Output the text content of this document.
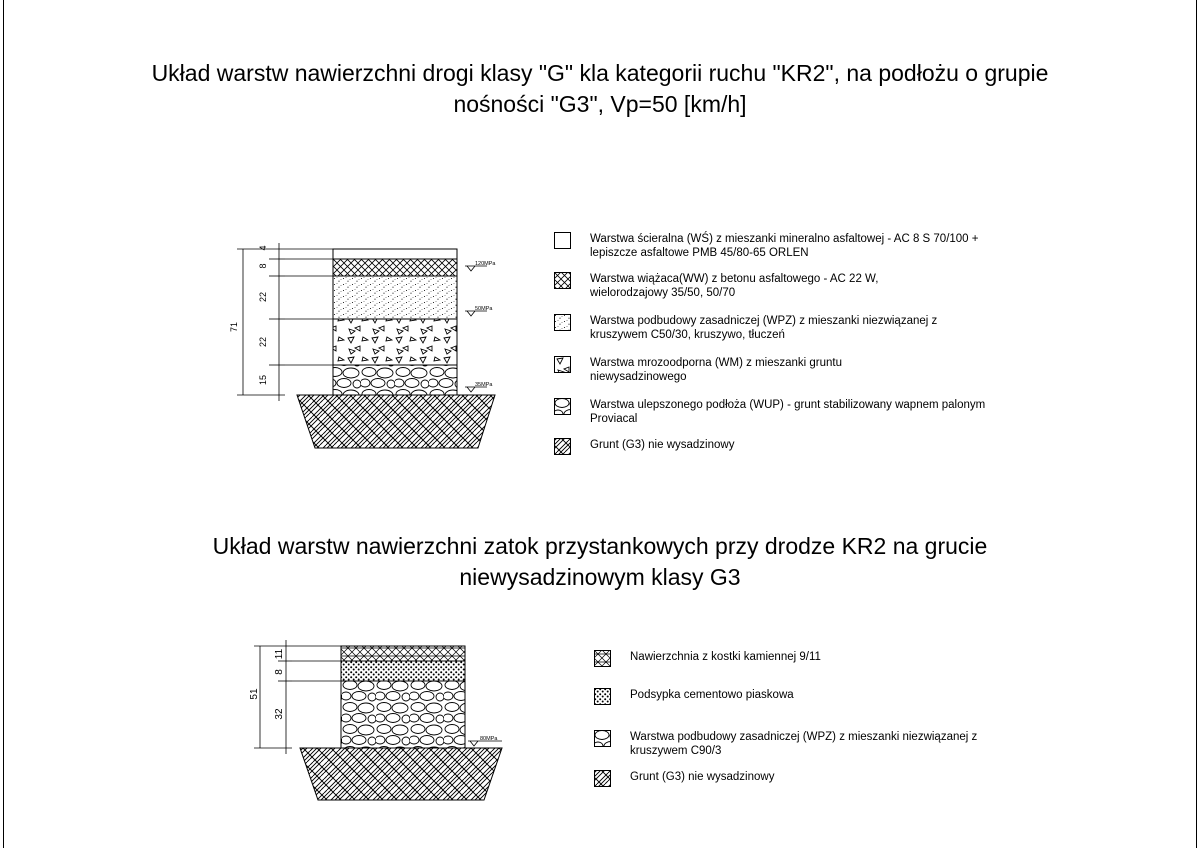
Układ warstw nawierzchni drogi klasy "G" kla kategorii ruchu "KR2", na podłożu o grupie
nośności "G3", Vp=50 [km/h]
71
4
8
22
22
15
120MPa
50MPa
35MPa
Warstwa ścieralna (WŚ) z mieszanki mineralno asfaltowej - AC 8 S 70/100 +
lepiszcze asfaltowe PMB 45/80-65 ORLEN
Warstwa wiążaca(WW) z betonu asfaltowego - AC 22 W,
wielorodzajowy 35/50, 50/70
Warstwa podbudowy zasadniczej (WPZ) z mieszanki niezwiązanej z
kruszywem C50/30, kruszywo, tłuczeń
Warstwa mrozoodporna (WM) z mieszanki gruntu
niewysadzinowego
Warstwa ulepszonego podłoża (WUP) - grunt stabilizowany wapnem palonym
Proviacal
Grunt (G3) nie wysadzinowy
Układ warstw nawierzchni zatok przystankowych przy drodze KR2 na grucie
niewysadzinowym klasy G3
51
11
8
32
80MPa
Nawierzchnia z kostki kamiennej 9/11
Podsypka cementowo piaskowa
Warstwa podbudowy zasadniczej (WPZ) z mieszanki niezwiązanej z
kruszywem C90/3
Grunt (G3) nie wysadzinowy
